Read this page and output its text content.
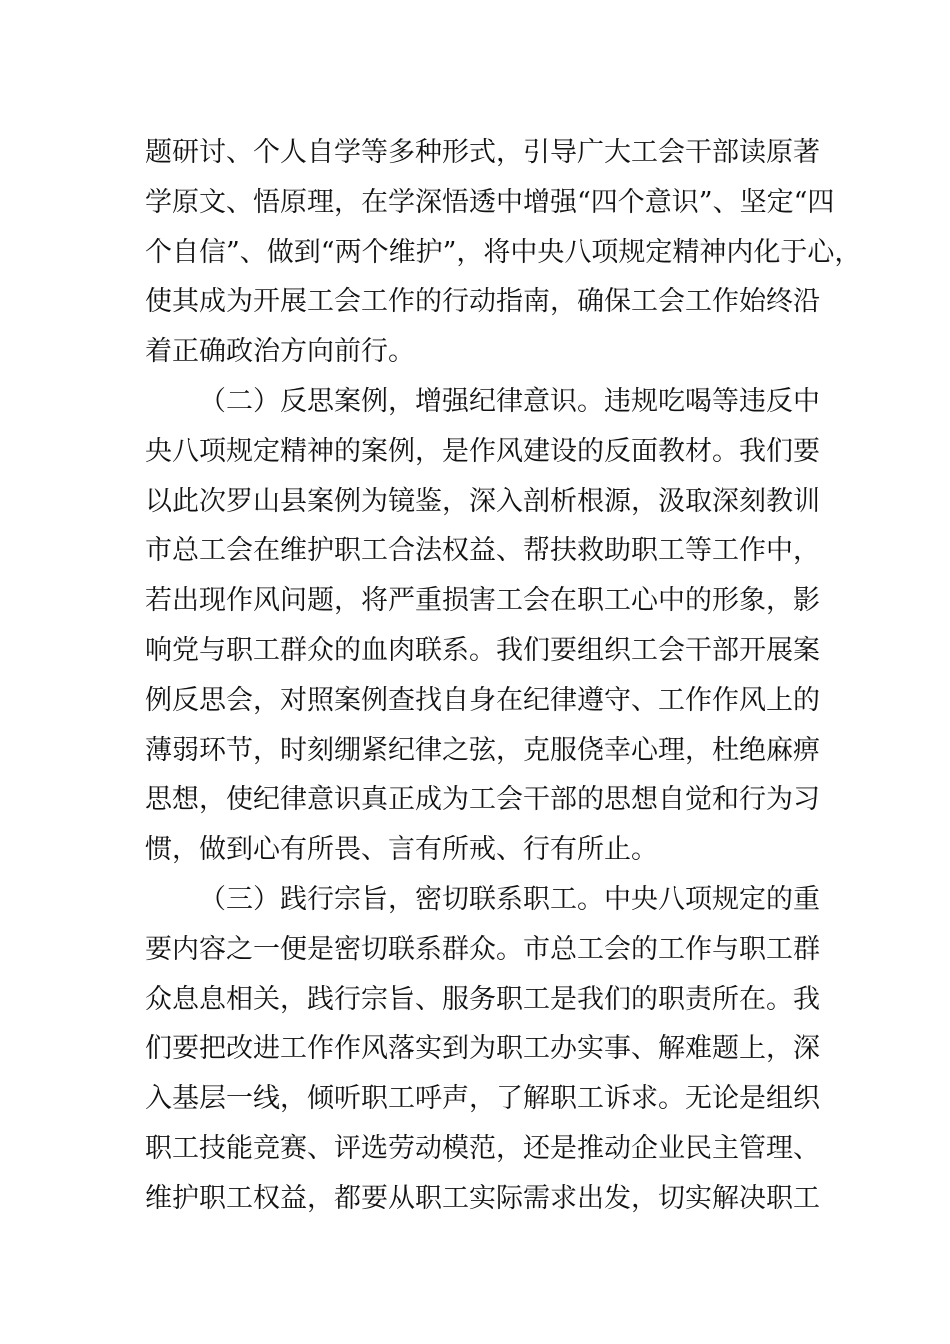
题研讨、个人自学等多种形式，引导广大工会干部读原著
学原文、悟原理，在学深悟透中增强“四个意识”、坚定“四
个自信”、做到“两个维护”，将中央八项规定精神内化于心，
使其成为开展工会工作的行动指南，确保工会工作始终沿
着正确政治方向前行。
（二）反思案例，增强纪律意识。违规吃喝等违反中
央八项规定精神的案例，是作风建设的反面教材。我们要
以此次罗山县案例为镜鉴，深入剖析根源，汲取深刻教训
市总工会在维护职工合法权益、帮扶救助职工等工作中，
若出现作风问题，将严重损害工会在职工心中的形象，影
响党与职工群众的血肉联系。我们要组织工会干部开展案
例反思会，对照案例查找自身在纪律遵守、工作作风上的
薄弱环节，时刻绷紧纪律之弦，克服侥幸心理，杜绝麻痹
思想，使纪律意识真正成为工会干部的思想自觉和行为习
惯，做到心有所畏、言有所戒、行有所止。
（三）践行宗旨，密切联系职工。中央八项规定的重
要内容之一便是密切联系群众。市总工会的工作与职工群
众息息相关，践行宗旨、服务职工是我们的职责所在。我
们要把改进工作作风落实到为职工办实事、解难题上，深
入基层一线，倾听职工呼声，了解职工诉求。无论是组织
职工技能竞赛、评选劳动模范，还是推动企业民主管理、
维护职工权益，都要从职工实际需求出发，切实解决职工
